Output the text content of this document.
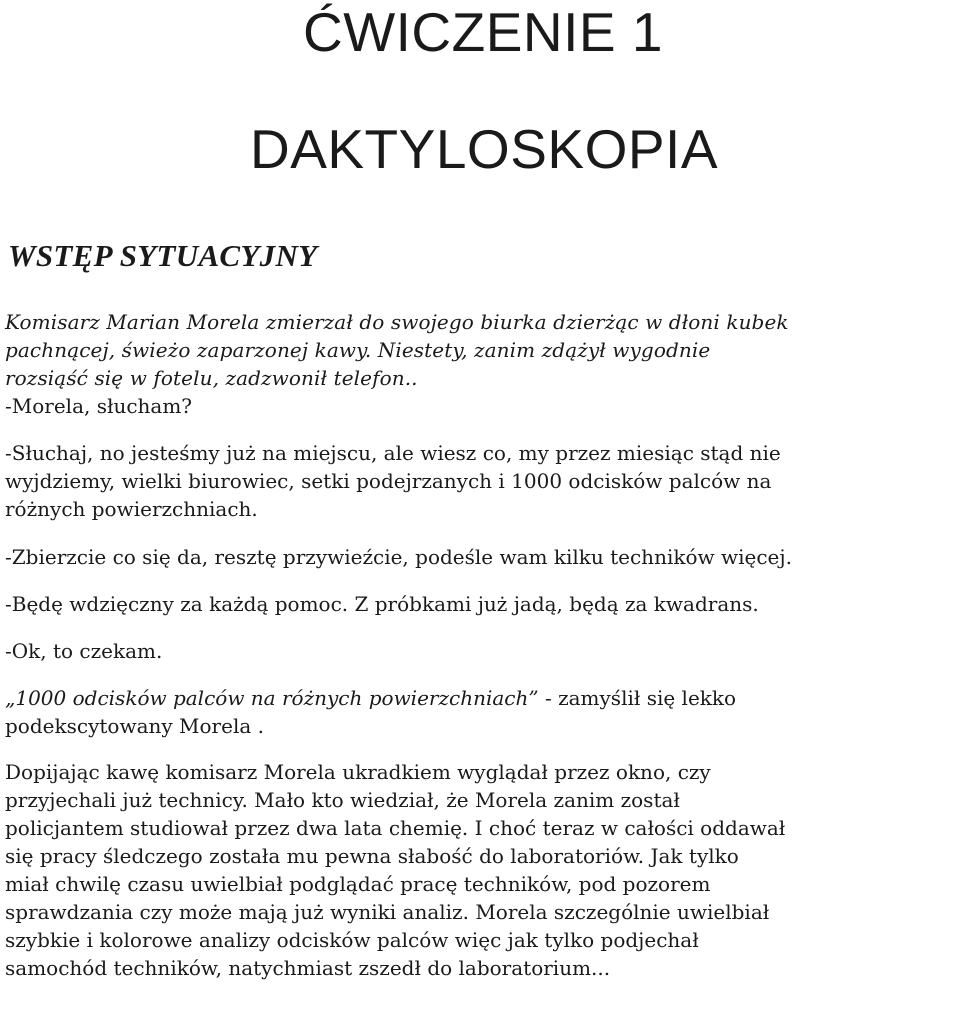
ĆWICZENIE 1
DAKTYLOSKOPIA
WSTĘP SYTUACYJNY

Komisarz Marian Morela zmierzał do swojego biurka dzierżąc w dłoni kubek
pachnącej, świeżo zaparzonej kawy. Niestety, zanim zdążył wygodnie
rozsiąść się w fotelu, zadzwonił telefon..

-Morela, słucham?

-Słuchaj, no jesteśmy już na miejscu, ale wiesz co, my przez miesiąc stąd nie
wyjdziemy, wielki biurowiec, setki podejrzanych i 1000 odcisków palców na
różnych powierzchniach.

-Zbierzcie co się da, resztę przywieźcie, podeśle wam kilku techników więcej.

-Będę wdzięczny za każdą pomoc. Z próbkami już jadą, będą za kwadrans.

-Ok, to czekam.

„1000 odcisków palców na różnych powierzchniach” - zamyślił się lekko
podekscytowany Morela .

Dopijając kawę komisarz Morela ukradkiem wyglądał przez okno, czy
przyjechali już technicy. Mało kto wiedział, że Morela zanim został
policjantem studiował przez dwa lata chemię. I choć teraz w całości oddawał
się pracy śledczego została mu pewna słabość do laboratoriów. Jak tylko
miał chwilę czasu uwielbiał podglądać pracę techników, pod pozorem
sprawdzania czy może mają już wyniki analiz. Morela szczególnie uwielbiał
szybkie i kolorowe analizy odcisków palców więc jak tylko podjechał
samochód techników, natychmiast zszedł do laboratorium...
